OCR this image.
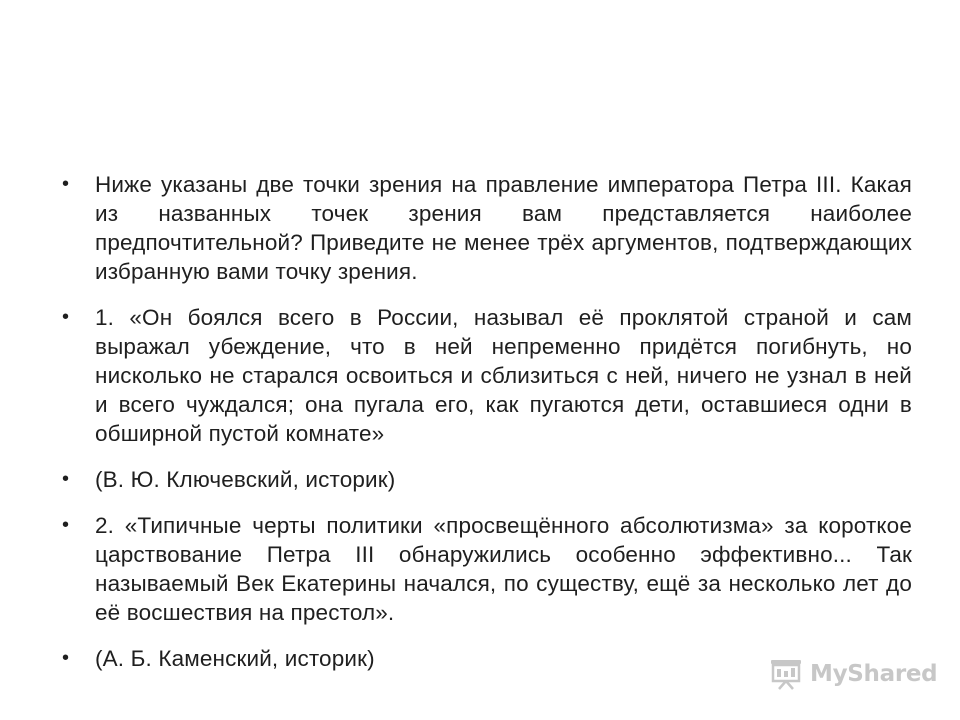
• Ниже указаны две точки зрения на правление императора Петра III. Какая из названных точек зрения вам представляется наиболее предпочтительной? Приведите не менее трёх аргументов, подтверждающих избранную вами точку зрения.
• 1. «Он боялся всего в России, называл её проклятой страной и сам выражал убеждение, что в ней непременно придётся погибнуть, но нисколько не старался освоиться и сблизиться с ней, ничего не узнал в ней и всего чуждался; она пугала его, как пугаются дети, оставшиеся одни в обширной пустой комнате»
• (В. Ю. Ключевский, историк)
• 2. «Типичные черты политики «просвещённого абсолютизма» за короткое царствование Петра III обнаружились особенно эффективно... Так называемый Век Екатерины начался, по существу, ещё за несколько лет до её восшествия на престол».
• (А. Б. Каменский, историк)
MyShared
